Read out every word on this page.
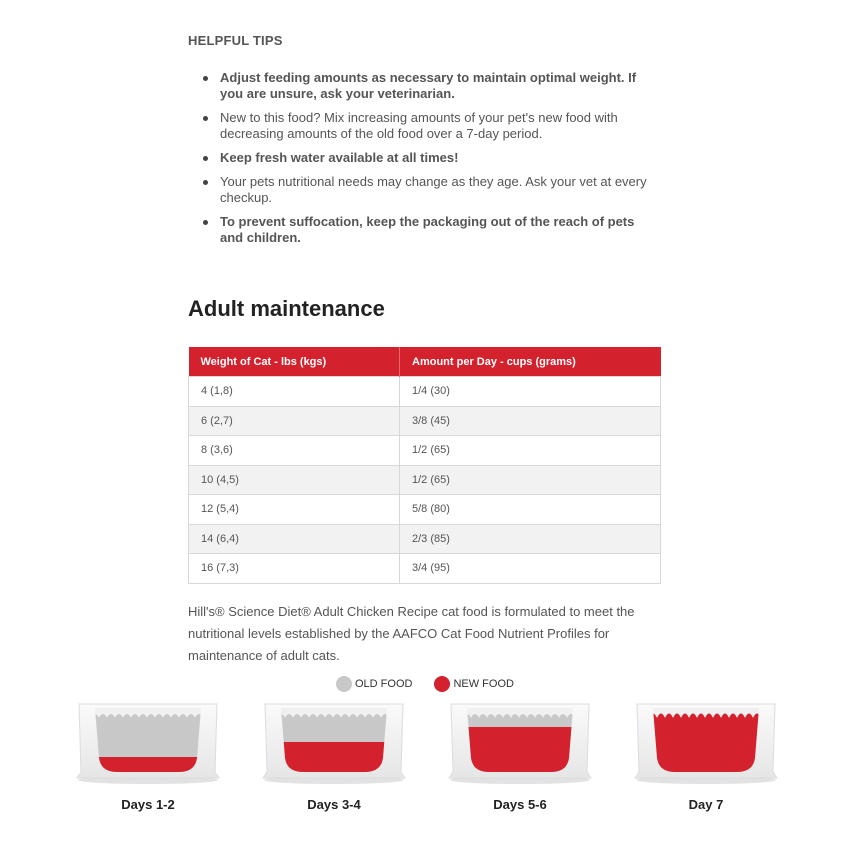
HELPFUL TIPS
Adjust feeding amounts as necessary to maintain optimal weight. If you are unsure, ask your veterinarian.
New to this food? Mix increasing amounts of your pet's new food with decreasing amounts of the old food over a 7-day period.
Keep fresh water available at all times!
Your pets nutritional needs may change as they age. Ask your vet at every checkup.
To prevent suffocation, keep the packaging out of the reach of pets and children.
Adult maintenance
Weight of Cat - lbs (kgs)	Amount per Day - cups (grams)
4 (1,8)	1/4 (30)
6 (2,7)	3/8 (45)
8 (3,6)	1/2 (65)
10 (4,5)	1/2 (65)
12 (5,4)	5/8 (80)
14 (6,4)	2/3 (85)
16 (7,3)	3/4 (95)

Hill's® Science Diet® Adult Chicken Recipe cat food is formulated to meet the nutritional levels established by the AAFCO Cat Food Nutrient Profiles for maintenance of adult cats.

OLD FOOD	NEW FOOD
Days 1-2	Days 3-4	Days 5-6	Day 7
